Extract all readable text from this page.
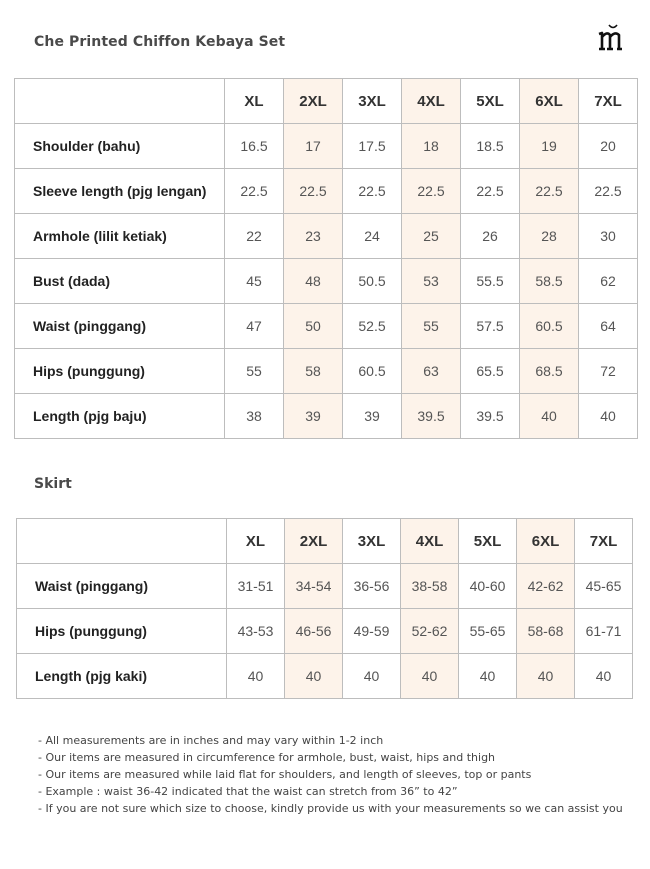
Che Printed Chiffon Kebaya Set
	XL	2XL	3XL	4XL	5XL	6XL	7XL
Shoulder (bahu)	16.5	17	17.5	18	18.5	19	20
Sleeve length (pjg lengan)	22.5	22.5	22.5	22.5	22.5	22.5	22.5
Armhole (lilit ketiak)	22	23	24	25	26	28	30
Bust (dada)	45	48	50.5	53	55.5	58.5	62
Waist (pinggang)	47	50	52.5	55	57.5	60.5	64
Hips (punggung)	55	58	60.5	63	65.5	68.5	72
Length (pjg baju)	38	39	39	39.5	39.5	40	40
Skirt
	XL	2XL	3XL	4XL	5XL	6XL	7XL
Waist (pinggang)	31-51	34-54	36-56	38-58	40-60	42-62	45-65
Hips (punggung)	43-53	46-56	49-59	52-62	55-65	58-68	61-71
Length (pjg kaki)	40	40	40	40	40	40	40
- All measurements are in inches and may vary within 1-2 inch
- Our items are measured in circumference for armhole, bust, waist, hips and thigh
- Our items are measured while laid flat for shoulders, and length of sleeves, top or pants
- Example : waist 36-42 indicated that the waist can stretch from 36” to 42”
- If you are not sure which size to choose, kindly provide us with your measurements so we can assist you
